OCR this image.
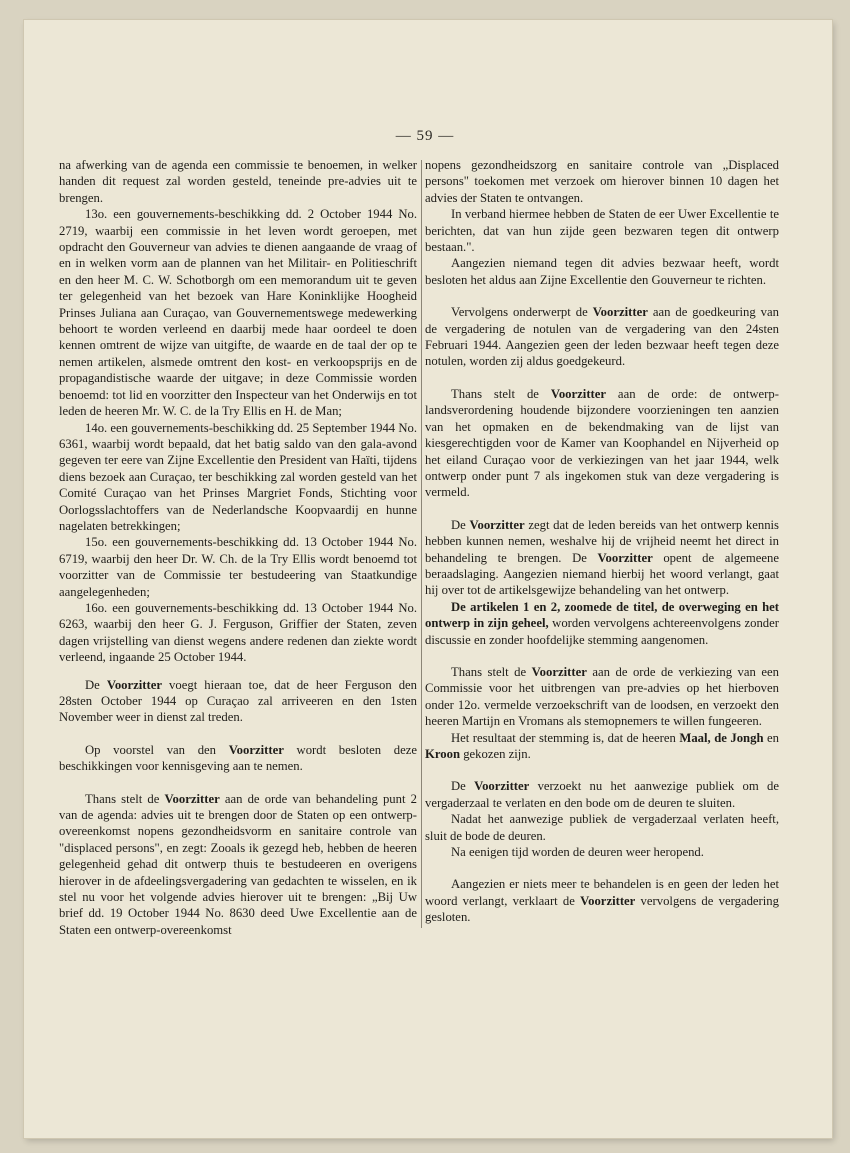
— 59 —

na afwerking van de agenda een commissie te benoemen, in welker handen dit request zal worden gesteld, teneinde pre-advies uit te brengen.

13o. een gouvernements-beschikking dd. 2 October 1944 No. 2719, waarbij een commissie in het leven wordt geroepen, met opdracht den Gouverneur van advies te dienen aangaande de vraag of en in welken vorm aan de plannen van het Militair- en Politieschrift en den heer M. C. W. Schotborgh om een memorandum uit te geven ter gelegenheid van het bezoek van Hare Koninklijke Hoogheid Prinses Juliana aan Curaçao, van Gouvernementswege medewerking behoort te worden verleend en daarbij mede haar oordeel te doen kennen omtrent de wijze van uitgifte, de waarde en de taal der op te nemen artikelen, alsmede omtrent den kost- en verkoopsprijs en de propagandistische waarde der uitgave; in deze Commissie worden benoemd: tot lid en voorzitter den Inspecteur van het Onderwijs en tot leden de heeren Mr. W. C. de la Try Ellis en H. de Man;

14o. een gouvernements-beschikking dd. 25 September 1944 No. 6361, waarbij wordt bepaald, dat het batig saldo van den gala-avond gegeven ter eere van Zijne Excellentie den President van Haïti, tijdens diens bezoek aan Curaçao, ter beschikking zal worden gesteld van het Comité Curaçao van het Prinses Margriet Fonds, Stichting voor Oorlogsslachtoffers van de Nederlandsche Koopvaardij en hunne nagelaten betrekkingen;

15o. een gouvernements-beschikking dd. 13 October 1944 No. 6719, waarbij den heer Dr. W. Ch. de la Try Ellis wordt benoemd tot voorzitter van de Commissie ter bestudeering van Staatkundige aangelegenheden;

16o. een gouvernements-beschikking dd. 13 October 1944 No. 6263, waarbij den heer G. J. Ferguson, Griffier der Staten, zeven dagen vrijstelling van dienst wegens andere redenen dan ziekte wordt verleend, ingaande 25 October 1944.

De Voorzitter voegt hieraan toe, dat de heer Ferguson den 28sten October 1944 op Curaçao zal arriveeren en den 1sten November weer in dienst zal treden.

Op voorstel van den Voorzitter wordt besloten deze beschikkingen voor kennisgeving aan te nemen.

Thans stelt de Voorzitter aan de orde van behandeling punt 2 van de agenda: advies uit te brengen door de Staten op een ontwerp-overeenkomst nopens gezondheidsvorm en sanitaire controle van "displaced persons", en zegt: Zooals ik gezegd heb, hebben de heeren gelegenheid gehad dit ontwerp thuis te bestudeeren en overigens hierover in de afdeelingsvergadering van gedachten te wisselen, en ik stel nu voor het volgende advies hierover uit te brengen: „Bij Uw brief dd. 19 October 1944 No. 8630 deed Uwe Excellentie aan de Staten een ontwerp-overeenkomst

nopens gezondheidszorg en sanitaire controle van „Displaced persons" toekomen met verzoek om hierover binnen 10 dagen het advies der Staten te ontvangen.

In verband hiermee hebben de Staten de eer Uwer Excellentie te berichten, dat van hun zijde geen bezwaren tegen dit ontwerp bestaan.".

Aangezien niemand tegen dit advies bezwaar heeft, wordt besloten het aldus aan Zijne Excellentie den Gouverneur te richten.

Vervolgens onderwerpt de Voorzitter aan de goedkeuring van de vergadering de notulen van de vergadering van den 24sten Februari 1944. Aangezien geen der leden bezwaar heeft tegen deze notulen, worden zij aldus goedgekeurd.

Thans stelt de Voorzitter aan de orde: de ontwerp-landsverordening houdende bijzondere voorzieningen ten aanzien van het opmaken en de bekendmaking van de lijst van kiesgerechtigden voor de Kamer van Koophandel en Nijverheid op het eiland Curaçao voor de verkiezingen van het jaar 1944, welk ontwerp onder punt 7 als ingekomen stuk van deze vergadering is vermeld.

De Voorzitter zegt dat de leden bereids van het ontwerp kennis hebben kunnen nemen, weshalve hij de vrijheid neemt het direct in behandeling te brengen. De Voorzitter opent de algemeene beraadslaging. Aangezien niemand hierbij het woord verlangt, gaat hij over tot de artikelsgewijze behandeling van het ontwerp.

De artikelen 1 en 2, zoomede de titel, de overweging en het ontwerp in zijn geheel, worden vervolgens achtereenvolgens zonder discussie en zonder hoofdelijke stemming aangenomen.

Thans stelt de Voorzitter aan de orde de verkiezing van een Commissie voor het uitbrengen van pre-advies op het hierboven onder 12o. vermelde verzoekschrift van de loodsen, en verzoekt den heeren Martijn en Vromans als stemopnemers te willen fungeeren.

Het resultaat der stemming is, dat de heeren Maal, de Jongh en Kroon gekozen zijn.

De Voorzitter verzoekt nu het aanwezige publiek om de vergaderzaal te verlaten en den bode om de deuren te sluiten.

Nadat het aanwezige publiek de vergaderzaal verlaten heeft, sluit de bode de deuren.

Na eenigen tijd worden de deuren weer heropend.

Aangezien er niets meer te behandelen is en geen der leden het woord verlangt, verklaart de Voorzitter vervolgens de vergadering gesloten.
